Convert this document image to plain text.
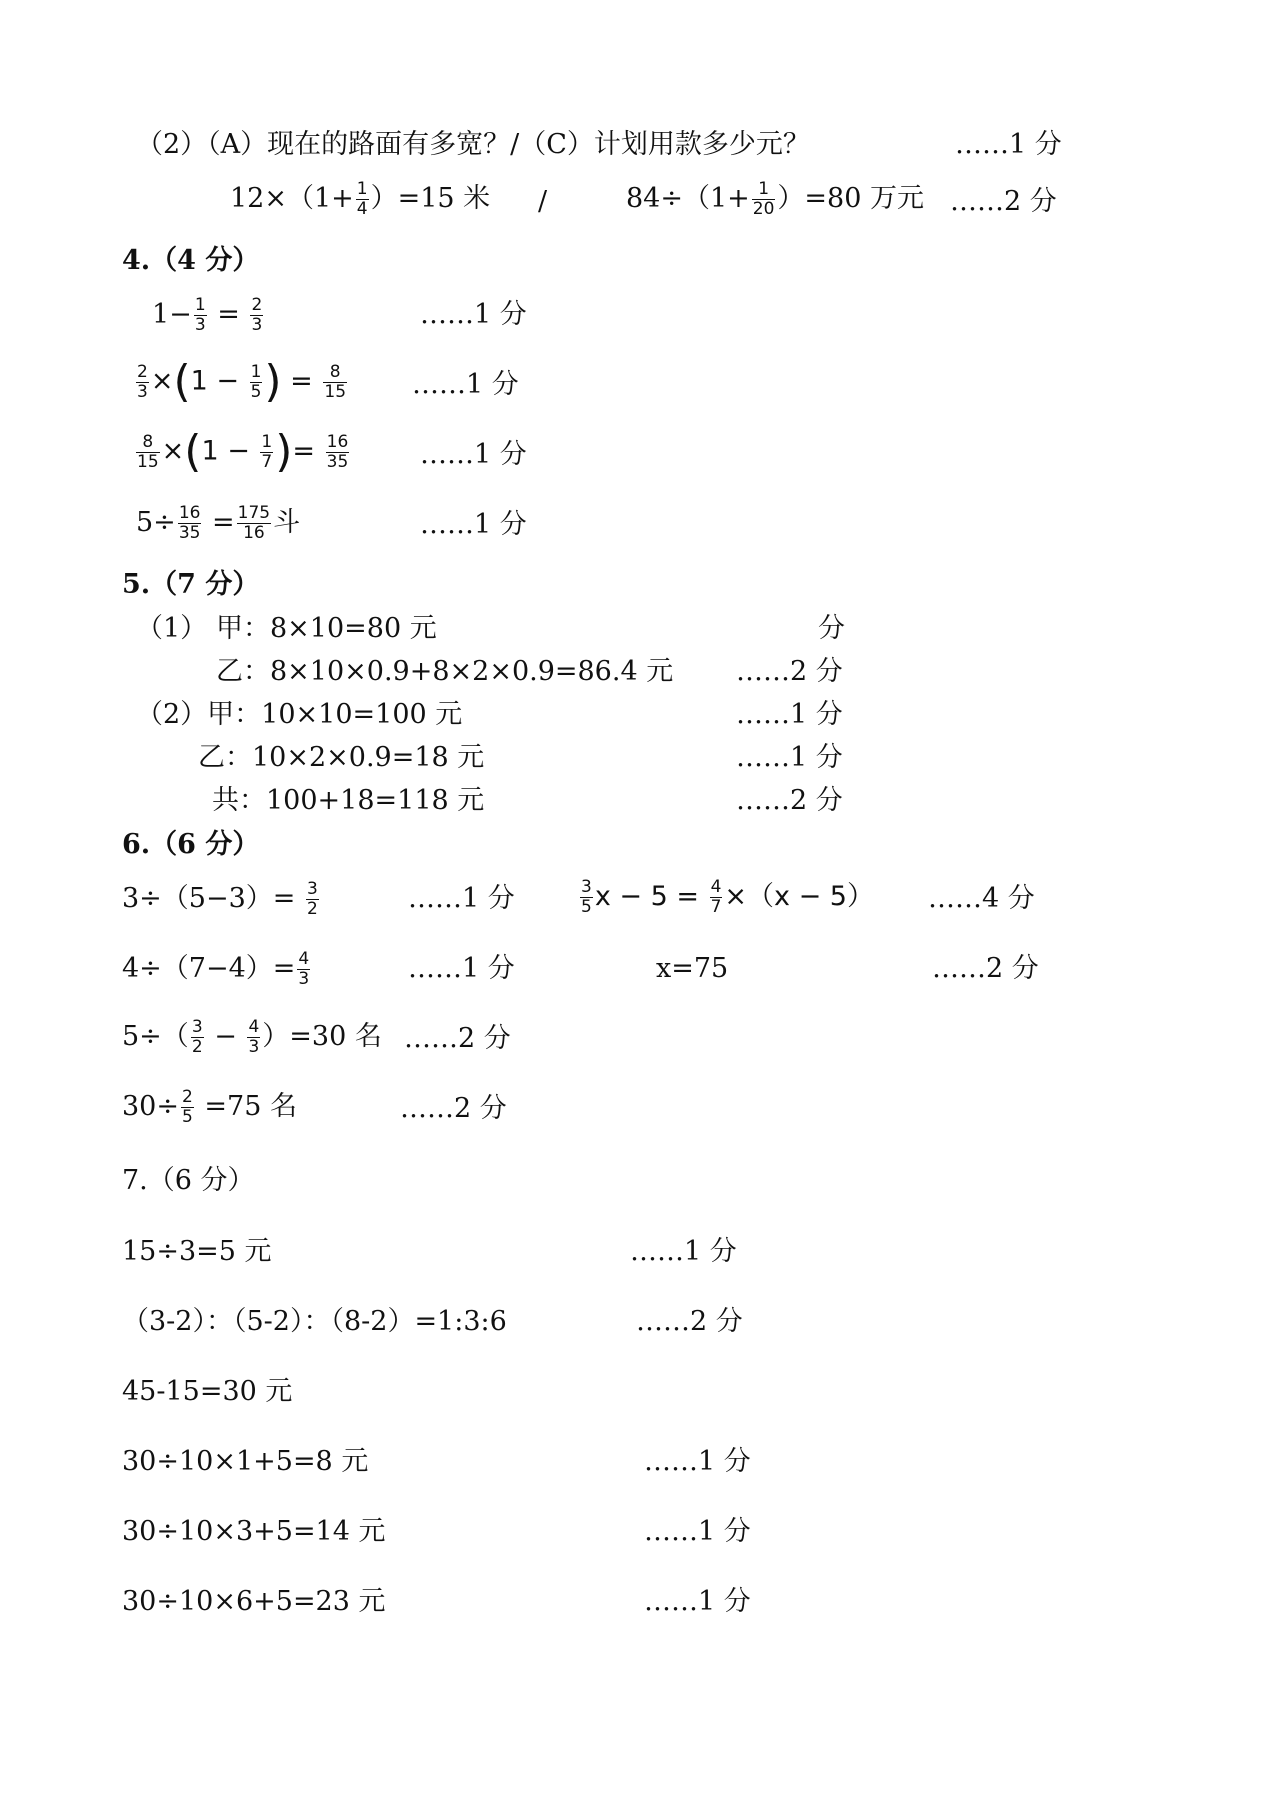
（2）（A）现在的路面有多宽？/（C）计划用款多少元？	……1 分
$12\times(1+ \frac{1}{4} )=15$ 米 /	$84\div(1+ \frac{1}{20} )=80$ 万元 ……2 分
4.（4 分）
$1- \frac{1}{3} = \frac{2}{3}$	……1 分
$\frac{2}{3} \times(1 - \frac{1}{5}$ ) = $\frac{8}{15}$ ……1 分
$\frac{8}{15} \times(1 - \frac{1}{7}$ )= $\frac{16}{35}$	……1 分
$5\div \frac{16}{35} = \frac{175}{16}$ 斗	……1 分
5.（7 分）
（1） 甲：8×10=80 元	分
乙：8×10×0.9+8×2×0.9=86.4 元 ……2 分
（2）甲：10×10=100 元	……1 分
乙：10×2×0.9=18 元	……1 分
共：100+18=118 元	……2 分
6.（6 分）
$3\div(5-3)= \frac{3}{2}$	……1 分	$\frac{3}{5}$ $x - 5 = \frac{4}{7} \times(x - 5)$ ……4 分
$4\div(7-4)= \frac{4}{3}$	……1 分	x=75	……2 分
$5\div( \frac{3}{2} - \frac{4}{3} )=30$ 名 ……2 分
$30\div \frac{2}{5} =75$ 名	……2 分
7.（6 分）
15÷3=5 元	……1 分
（3-2）：（5-2）：（8-2）=1:3:6	……2 分
45-15=30 元
30÷10×1+5=8 元	……1 分
30÷10×3+5=14 元	……1 分
30÷10×6+5=23 元	……1 分
